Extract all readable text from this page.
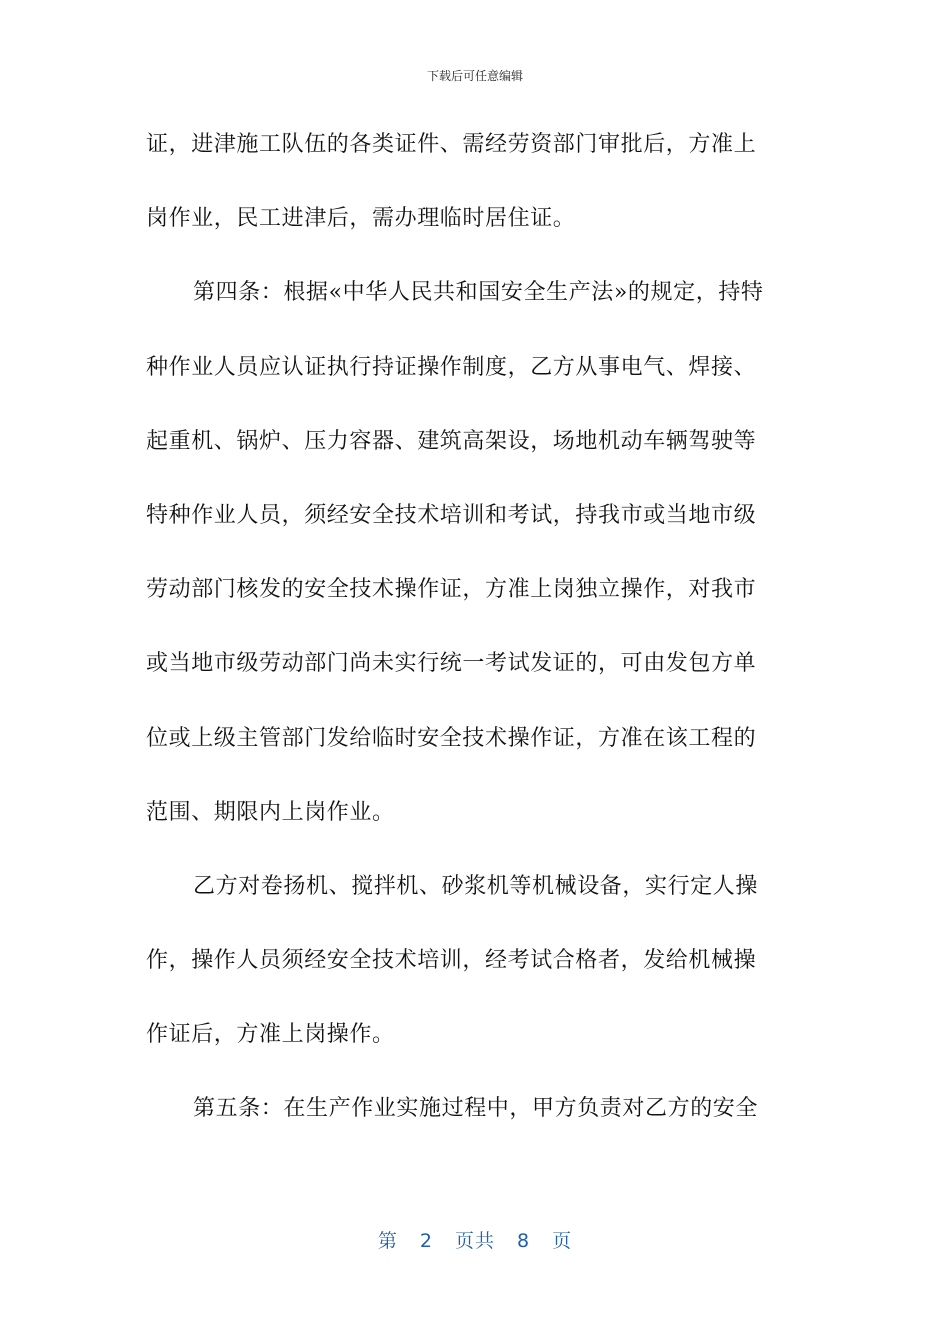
下载后可任意编辑
证，进津施工队伍的各类证件、需经劳资部门审批后，方准上
岗作业，民工进津后，需办理临时居住证。
第四条：根据«中华人民共和国安全生产法»的规定，持特
种作业人员应认证执行持证操作制度，乙方从事电气、焊接、
起重机、锅炉、压力容器、建筑高架设，场地机动车辆驾驶等
特种作业人员，须经安全技术培训和考试，持我市或当地市级
劳动部门核发的安全技术操作证，方准上岗独立操作，对我市
或当地市级劳动部门尚未实行统一考试发证的，可由发包方单
位或上级主管部门发给临时安全技术操作证，方准在该工程的
范围、期限内上岗作业。
乙方对卷扬机、搅拌机、砂浆机等机械设备，实行定人操
作，操作人员须经安全技术培训，经考试合格者，发给机械操
作证后，方准上岗操作。
第五条：在生产作业实施过程中，甲方负责对乙方的安全
第 2 页共 8 页
